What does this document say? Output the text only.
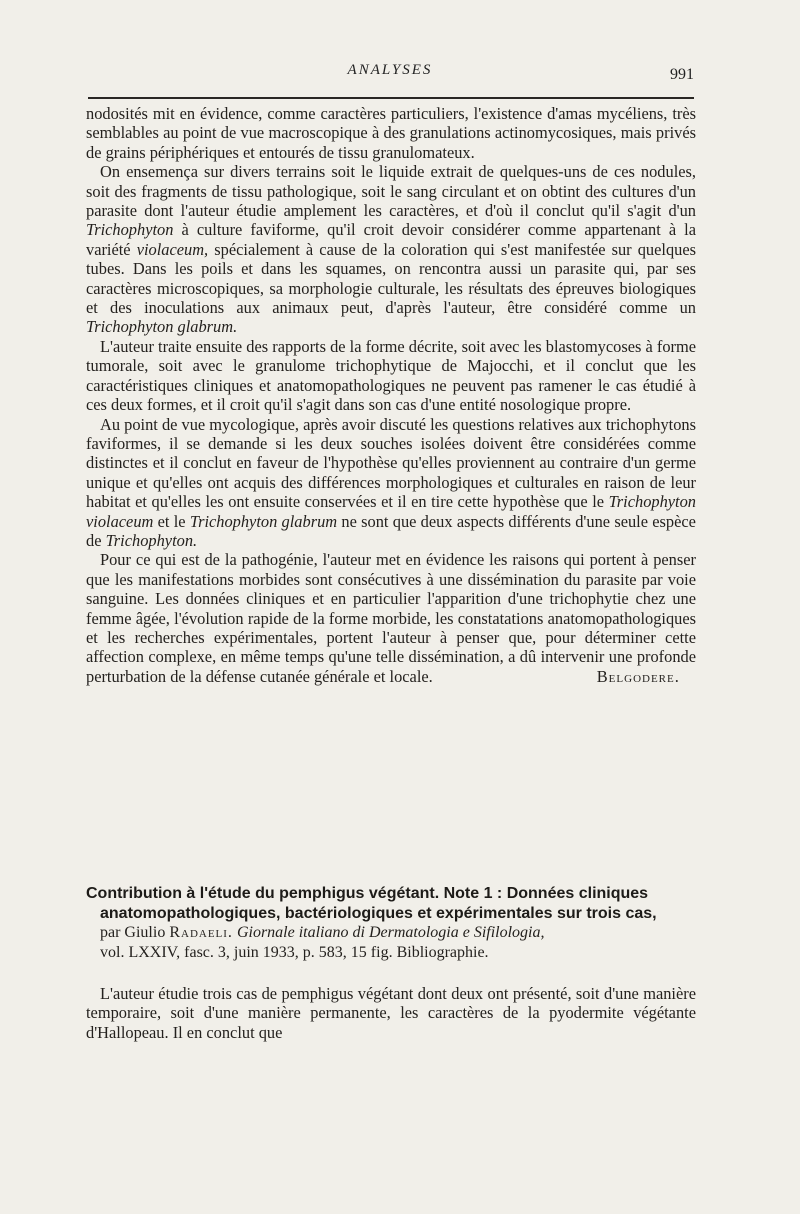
ANALYSES	991

nodosités mit en évidence, comme caractères particuliers, l'existence d'amas mycéliens, très semblables au point de vue macroscopique à des granulations actinomycosiques, mais privés de grains périphériques et entourés de tissu granulomateux.

On ensemença sur divers terrains soit le liquide extrait de quelques-uns de ces nodules, soit des fragments de tissu pathologique, soit le sang circulant et on obtint des cultures d'un parasite dont l'auteur étudie amplement les caractères, et d'où il conclut qu'il s'agit d'un Trichophyton à culture faviforme, qu'il croit devoir considérer comme appartenant à la variété violaceum, spécialement à cause de la coloration qui s'est manifestée sur quelques tubes. Dans les poils et dans les squames, on rencontra aussi un parasite qui, par ses caractères microscopiques, sa morphologie culturale, les résultats des épreuves biologiques et des inoculations aux animaux peut, d'après l'auteur, être considéré comme un Trichophyton glabrum.

L'auteur traite ensuite des rapports de la forme décrite, soit avec les blastomycoses à forme tumorale, soit avec le granulome trichophytique de Majocchi, et il conclut que les caractéristiques cliniques et anatomopathologiques ne peuvent pas ramener le cas étudié à ces deux formes, et il croit qu'il s'agit dans son cas d'une entité nosologique propre.

Au point de vue mycologique, après avoir discuté les questions relatives aux trichophytons faviformes, il se demande si les deux souches isolées doivent être considérées comme distinctes et il conclut en faveur de l'hypothèse qu'elles proviennent au contraire d'un germe unique et qu'elles ont acquis des différences morphologiques et culturales en raison de leur habitat et qu'elles les ont ensuite conservées et il en tire cette hypothèse que le Trichophyton violaceum et le Trichophyton glabrum ne sont que deux aspects différents d'une seule espèce de Trichophyton.

Pour ce qui est de la pathogénie, l'auteur met en évidence les raisons qui portent à penser que les manifestations morbides sont consécutives à une dissémination du parasite par voie sanguine. Les données cliniques et en particulier l'apparition d'une trichophytie chez une femme âgée, l'évolution rapide de la forme morbide, les constatations anatomopathologiques et les recherches expérimentales, portent l'auteur à penser que, pour déterminer cette affection complexe, en même temps qu'une telle dissémination, a dû intervenir une profonde perturbation de la défense cutanée générale et locale.	Belgodere.

Contribution à l'étude du pemphigus végétant. Note 1 : Données cliniques
anatomopathologiques, bactériologiques et expérimentales sur trois cas,
par Giulio Radaeli. Giornale italiano di Dermatologia e Sifilologia,
vol. LXXIV, fasc. 3, juin 1933, p. 583, 15 fig. Bibliographie.

L'auteur étudie trois cas de pemphigus végétant dont deux ont présenté, soit d'une manière temporaire, soit d'une manière permanente, les caractères de la pyodermite végétante d'Hallopeau. Il en conclut que
